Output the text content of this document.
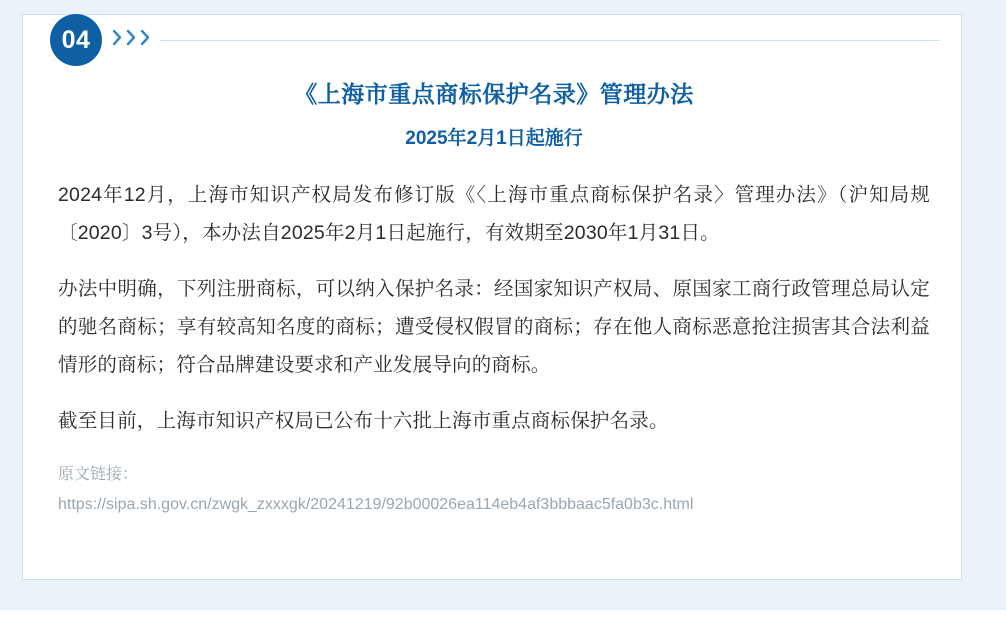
04
《上海市重点商标保护名录》管理办法
2025年2月1日起施行

2024年12月，上海市知识产权局发布修订版《〈上海市重点商标保护名录〉管理办法》（沪知局规〔2020〕3号），本办法自2025年2月1日起施行，有效期至2030年1月31日。

办法中明确，下列注册商标，可以纳入保护名录：经国家知识产权局、原国家工商行政管理总局认定的驰名商标；享有较高知名度的商标；遭受侵权假冒的商标；存在他人商标恶意抢注损害其合法利益情形的商标；符合品牌建设要求和产业发展导向的商标。

截至目前，上海市知识产权局已公布十六批上海市重点商标保护名录。

原文链接：

https://sipa.sh.gov.cn/zwgk_zxxxgk/20241219/92b00026ea114eb4af3bbbaac5fa0b3c.html
